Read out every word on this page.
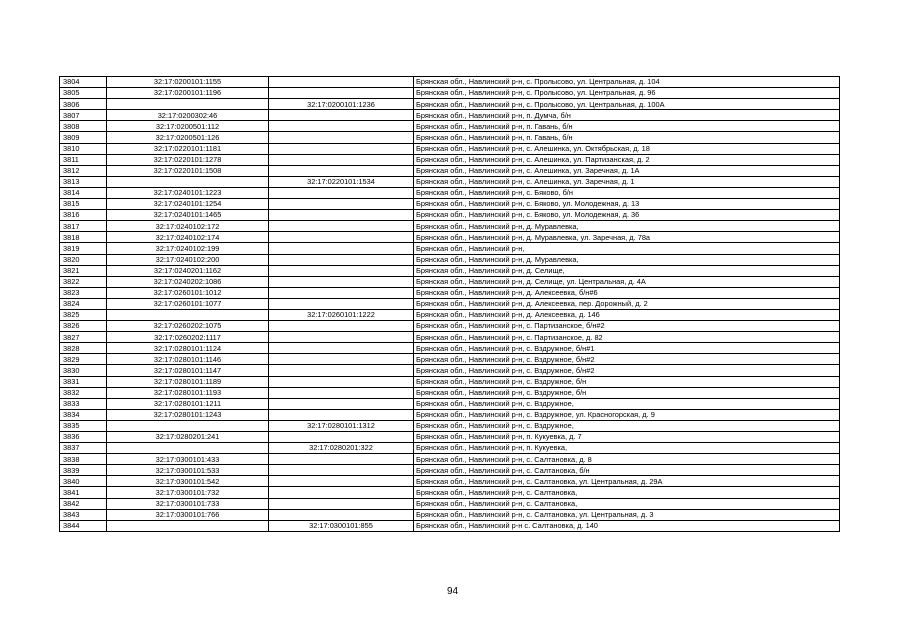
3804	32:17:0200101:1155		Брянская обл., Навлинский р-н, с. Пролысово, ул. Центральная, д. 104
3805	32:17:0200101:1196		Брянская обл., Навлинский р-н, с. Пролысово, ул. Центральная, д. 96
3806		32:17:0200101:1236	Брянская обл., Навлинский р-н, с. Пролысово, ул. Центральная, д. 100А
3807	32:17:0200302:46		Брянская обл., Навлинский р-н, п. Думча, б/н
3808	32:17:0200501:112		Брянская обл., Навлинский р-н, п. Гавань, б/н
3809	32:17:0200501:126		Брянская обл., Навлинский р-н, п. Гавань, б/н
3810	32:17:0220101:1181		Брянская обл., Навлинский р-н, с. Алешинка, ул. Октябрьская, д. 18
3811	32:17:0220101:1278		Брянская обл., Навлинский р-н, с. Алешинка, ул. Партизанская, д. 2
3812	32:17:0220101:1508		Брянская обл., Навлинский р-н, с. Алешинка, ул. Заречная, д. 1А
3813		32:17:0220101:1534	Брянская обл., Навлинский р-н, с. Алешинка, ул. Заречная, д. 1
3814	32:17:0240101:1223		Брянская обл., Навлинский р-н, с. Бяково, б/н
3815	32:17:0240101:1254		Брянская обл., Навлинский р-н, с. Бяково, ул. Молодежная, д. 13
3816	32:17:0240101:1465		Брянская обл., Навлинский р-н, с. Бяково, ул. Молодежная, д. 36
3817	32:17:0240102:172		Брянская обл., Навлинский р-н, д. Муравлевка,
3818	32:17:0240102:174		Брянская обл., Навлинский р-н, д. Муравлевка, ул. Заречная, д. 78а
3819	32:17:0240102:199		Брянская обл., Навлинский р-н,
3820	32:17:0240102:200		Брянская обл., Навлинский р-н, д. Муравлевка,
3821	32:17:0240201:1162		Брянская обл., Навлинский р-н, д. Селище,
3822	32:17:0240202:1086		Брянская обл., Навлинский р-н, д. Селище, ул. Центральная, д. 4А
3823	32:17:0260101:1012		Брянская обл., Навлинский р-н, д. Алексеевка, б/н#6
3824	32:17:0260101:1077		Брянская обл., Навлинский р-н, д. Алексеевка, пер. Дорожный, д. 2
3825		32:17:0260101:1222	Брянская обл., Навлинский р-н, д. Алексеевка, д. 146
3826	32:17:0260202:1075		Брянская обл., Навлинский р-н, с. Партизанское, б/н#2
3827	32:17:0260202:1117		Брянская обл., Навлинский р-н, с. Партизанское, д. 82
3828	32:17:0280101:1124		Брянская обл., Навлинский р-н, с. Вздружное, б/н#1
3829	32:17:0280101:1146		Брянская обл., Навлинский р-н, с. Вздружное, б/н#2
3830	32:17:0280101:1147		Брянская обл., Навлинский р-н, с. Вздружное, б/н#2
3831	32:17:0280101:1189		Брянская обл., Навлинский р-н, с. Вздружное, б/н
3832	32:17:0280101:1193		Брянская обл., Навлинский р-н, с. Вздружное, б/н
3833	32:17:0280101:1211		Брянская обл., Навлинский р-н, с. Вздружное,
3834	32:17:0280101:1243		Брянская обл., Навлинский р-н, с. Вздружное, ул. Красногорская, д. 9
3835		32:17:0280101:1312	Брянская обл., Навлинский р-н, с. Вздружное,
3836	32:17:0280201:241		Брянская обл., Навлинский р-н, п. Кукуевка, д. 7
3837		32:17:0280201:322	Брянская обл., Навлинский р-н, п. Кукуевка,
3838	32:17:0300101:433		Брянская обл., Навлинский р-н, с. Салтановка, д. 8
3839	32:17:0300101:533		Брянская обл., Навлинский р-н, с. Салтановка, б/н
3840	32:17:0300101:542		Брянская обл., Навлинский р-н, с. Салтановка, ул. Центральная, д. 29А
3841	32:17:0300101:732		Брянская обл., Навлинский р-н, с. Салтановка,
3842	32:17:0300101:733		Брянская обл., Навлинский р-н, с. Салтановка,
3843	32:17:0300101:766		Брянская обл., Навлинский р-н, с. Салтановка, ул. Центральная, д. 3
3844		32:17:0300101:855	Брянская обл., Навлинский р-н с. Салтановка, д. 140
94
